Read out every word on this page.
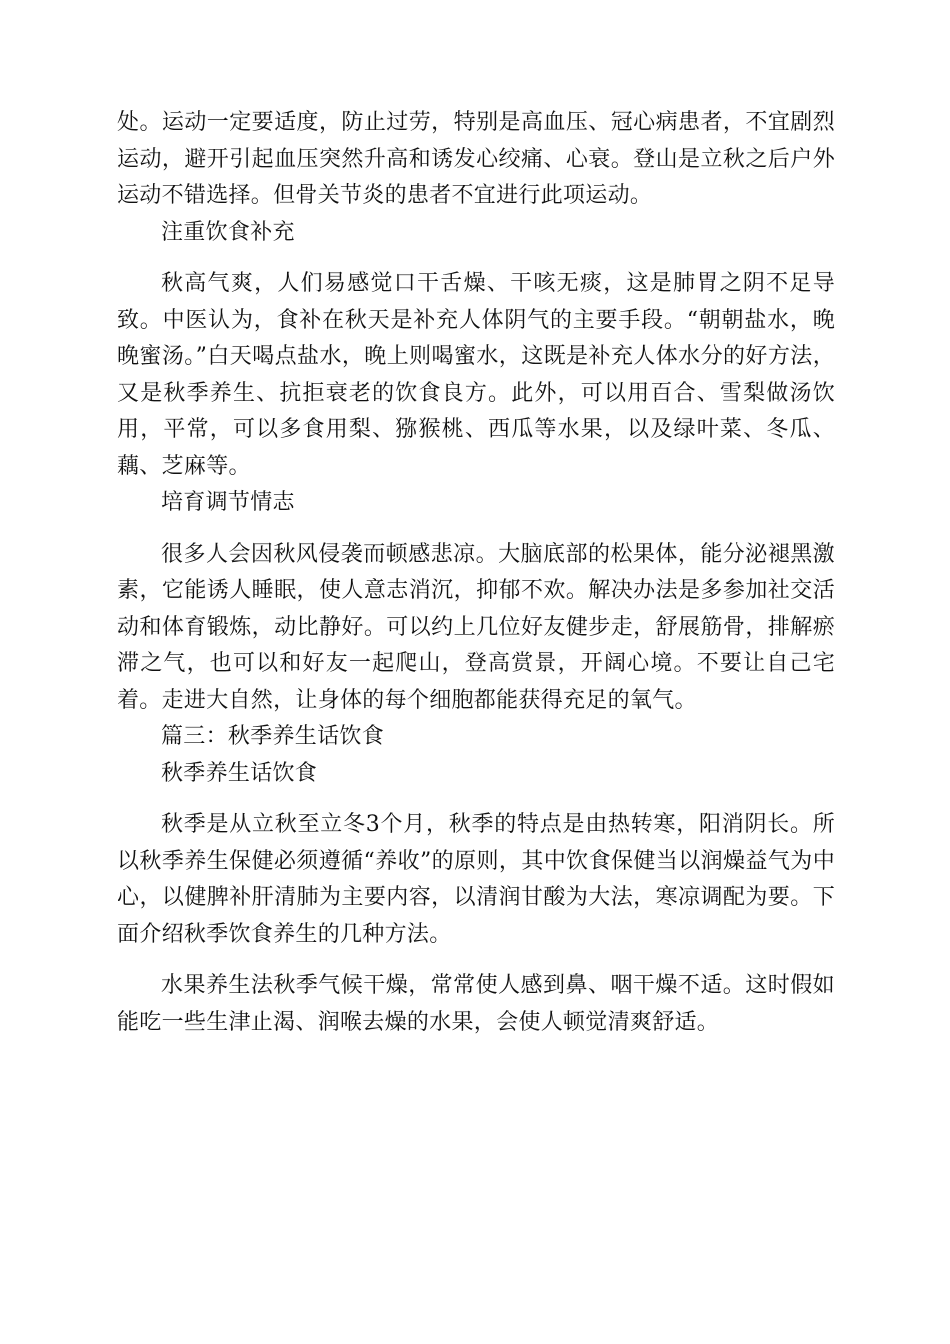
处。运动一定要适度，防止过劳，特别是高血压、冠心病患者，不宜剧烈运动，避开引起血压突然升高和诱发心绞痛、心衰。登山是立秋之后户外运动不错选择。但骨关节炎的患者不宜进行此项运动。

注重饮食补充

秋高气爽，人们易感觉口干舌燥、干咳无痰，这是肺胃之阴不足导致。中医认为，食补在秋天是补充人体阴气的主要手段。“朝朝盐水，晚晚蜜汤。”白天喝点盐水，晚上则喝蜜水，这既是补充人体水分的好方法，又是秋季养生、抗拒衰老的饮食良方。此外，可以用百合、雪梨做汤饮用，平常，可以多食用梨、猕猴桃、西瓜等水果，以及绿叶菜、冬瓜、藕、芝麻等。

培育调节情志

很多人会因秋风侵袭而顿感悲凉。大脑底部的松果体，能分泌褪黑激素，它能诱人睡眠，使人意志消沉，抑郁不欢。解决办法是多参加社交活动和体育锻炼，动比静好。可以约上几位好友健步走，舒展筋骨，排解瘀滞之气，也可以和好友一起爬山，登高赏景，开阔心境。不要让自己宅着。走进大自然，让身体的每个细胞都能获得充足的氧气。

篇三：秋季养生话饮食

秋季养生话饮食

秋季是从立秋至立冬3个月，秋季的特点是由热转寒，阳消阴长。所以秋季养生保健必须遵循“养收”的原则，其中饮食保健当以润燥益气为中心，以健脾补肝清肺为主要内容，以清润甘酸为大法，寒凉调配为要。下面介绍秋季饮食养生的几种方法。

水果养生法秋季气候干燥，常常使人感到鼻、咽干燥不适。这时假如能吃一些生津止渴、润喉去燥的水果，会使人顿觉清爽舒适。
